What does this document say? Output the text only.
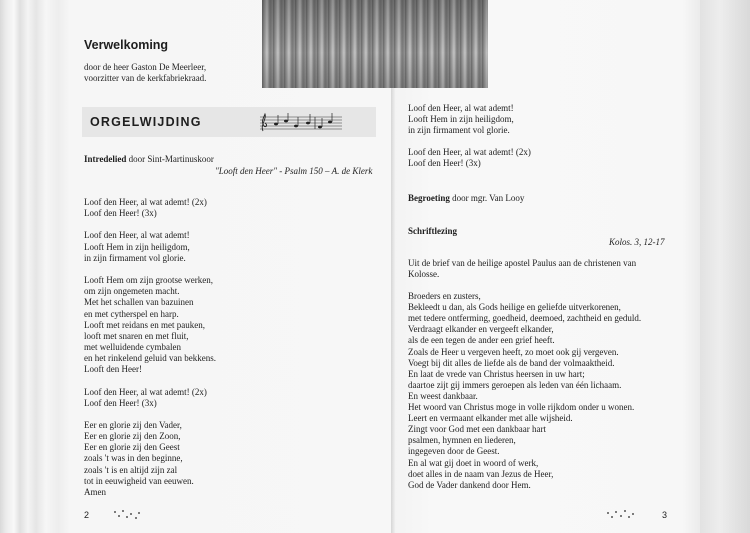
Verwelkoming
door de heer Gaston De Meerleer,
voorzitter van de kerkfabriekraad.
ORGELWIJDING
Intredelied door Sint-Martinuskoor
"Looft den Heer" - Psalm 150 – A. de Klerk
Loof den Heer, al wat ademt! (2x)
Loof den Heer! (3x)
Loof den Heer, al wat ademt!
Looft Hem in zijn heiligdom,
in zijn firmament vol glorie.
Looft Hem om zijn grootse werken,
om zijn ongemeten macht.
Met het schallen van bazuinen
en met cytherspel en harp.
Looft met reidans en met pauken,
looft met snaren en met fluit,
met welluidende cymbalen
en het rinkelend geluid van bekkens.
Looft den Heer!
Loof den Heer, al wat ademt! (2x)
Loof den Heer! (3x)
Eer en glorie zij den Vader,
Eer en glorie zij den Zoon,
Eer en glorie zij den Geest
zoals 't was in den beginne,
zoals 't is en altijd zijn zal
tot in eeuwigheid van eeuwen.
Amen
2
Loof den Heer, al wat ademt!
Looft Hem in zijn heiligdom,
in zijn firmament vol glorie.
Loof den Heer, al wat ademt! (2x)
Loof den Heer! (3x)
Begroeting door mgr. Van Looy
Schriftlezing
Kolos. 3, 12-17
Uit de brief van de heilige apostel Paulus aan de christenen van
Kolosse.
Broeders en zusters,
Bekleedt u dan, als Gods heilige en geliefde uitverkorenen,
met tedere ontferming, goedheid, deemoed, zachtheid en geduld.
Verdraagt elkander en vergeeft elkander,
als de een tegen de ander een grief heeft.
Zoals de Heer u vergeven heeft, zo moet ook gij vergeven.
Voegt bij dit alles de liefde als de band der volmaaktheid.
En laat de vrede van Christus heersen in uw hart;
daartoe zijt gij immers geroepen als leden van één lichaam.
En weest dankbaar.
Het woord van Christus moge in volle rijkdom onder u wonen.
Leert en vermaant elkander met alle wijsheid.
Zingt voor God met een dankbaar hart
psalmen, hymnen en liederen,
ingegeven door de Geest.
En al wat gij doet in woord of werk,
doet alles in de naam van Jezus de Heer,
God de Vader dankend door Hem.
3
